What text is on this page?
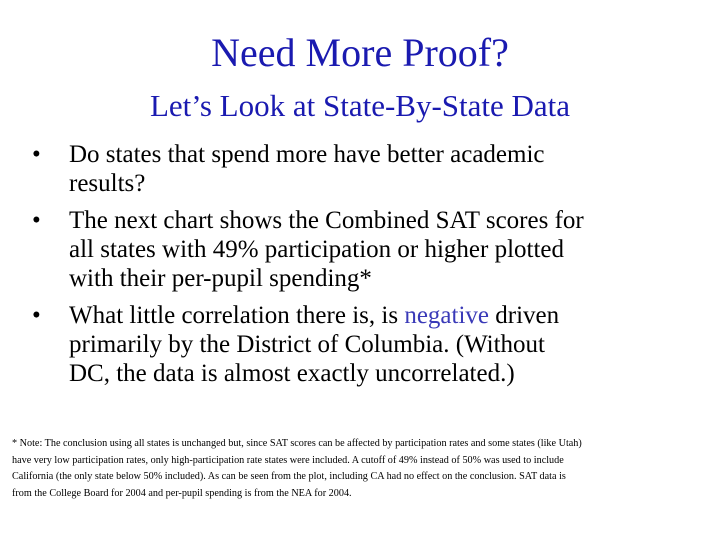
Need More Proof?
Let’s Look at State-By-State Data
• Do states that spend more have better academic
results?
• The next chart shows the Combined SAT scores for
all states with 49% participation or higher plotted
with their per-pupil spending*
• What little correlation there is, is negative driven
primarily by the District of Columbia. (Without
DC, the data is almost exactly uncorrelated.)

* Note: The conclusion using all states is unchanged but, since SAT scores can be affected by participation rates and some states (like Utah)
have very low participation rates, only high-participation rate states were included. A cutoff of 49% instead of 50% was used to include
California (the only state below 50% included). As can be seen from the plot, including CA had no effect on the conclusion. SAT data is
from the College Board for 2004 and per-pupil spending is from the NEA for 2004.
